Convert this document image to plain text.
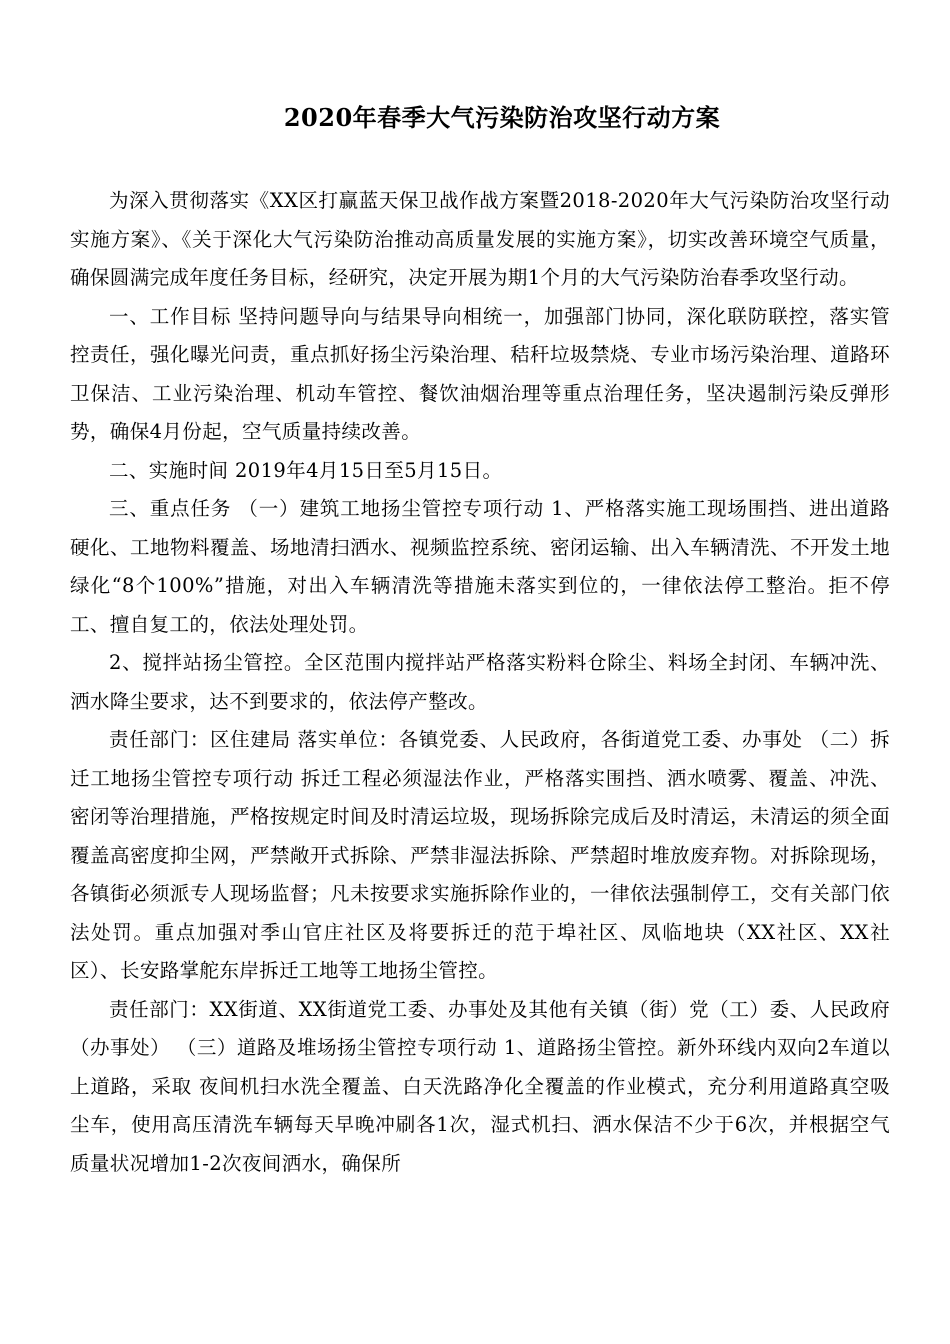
2020年春季大气污染防治攻坚行动方案

为深入贯彻落实《XX区打赢蓝天保卫战作战方案暨2018-2020年大气污染防治攻坚行动实施方案》、《关于深化大气污染防治推动高质量发展的实施方案》，切实改善环境空气质量，确保圆满完成年度任务目标，经研究，决定开展为期1个月的大气污染防治春季攻坚行动。

一、工作目标 坚持问题导向与结果导向相统一，加强部门协同，深化联防联控，落实管控责任，强化曝光问责，重点抓好扬尘污染治理、秸秆垃圾禁烧、专业市场污染治理、道路环卫保洁、工业污染治理、机动车管控、餐饮油烟治理等重点治理任务，坚决遏制污染反弹形势，确保4月份起，空气质量持续改善。

二、实施时间 2019年4月15日至5月15日。

三、重点任务 （一）建筑工地扬尘管控专项行动 1、严格落实施工现场围挡、进出道路硬化、工地物料覆盖、场地清扫洒水、视频监控系统、密闭运输、出入车辆清洗、不开发土地绿化“8个100%”措施，对出入车辆清洗等措施未落实到位的，一律依法停工整治。拒不停工、擅自复工的，依法处理处罚。

2、搅拌站扬尘管控。全区范围内搅拌站严格落实粉料仓除尘、料场全封闭、车辆冲洗、洒水降尘要求，达不到要求的，依法停产整改。

责任部门：区住建局 落实单位：各镇党委、人民政府，各街道党工委、办事处 （二）拆迁工地扬尘管控专项行动 拆迁工程必须湿法作业，严格落实围挡、洒水喷雾、覆盖、冲洗、密闭等治理措施，严格按规定时间及时清运垃圾，现场拆除完成后及时清运，未清运的须全面覆盖高密度抑尘网，严禁敞开式拆除、严禁非湿法拆除、严禁超时堆放废弃物。对拆除现场，各镇街必须派专人现场监督；凡未按要求实施拆除作业的，一律依法强制停工，交有关部门依法处罚。重点加强对季山官庄社区及将要拆迁的范于埠社区、凤临地块（XX社区、XX社区）、长安路掌舵东岸拆迁工地等工地扬尘管控。

责任部门：XX街道、XX街道党工委、办事处及其他有关镇（街）党（工）委、人民政府（办事处） （三）道路及堆场扬尘管控专项行动 1、道路扬尘管控。新外环线内双向2车道以上道路，采取 夜间机扫水洗全覆盖、白天洗路净化全覆盖的作业模式，充分利用道路真空吸尘车，使用高压清洗车辆每天早晚冲刷各1次，湿式机扫、洒水保洁不少于6次，并根据空气质量状况增加1-2次夜间洒水，确保所
